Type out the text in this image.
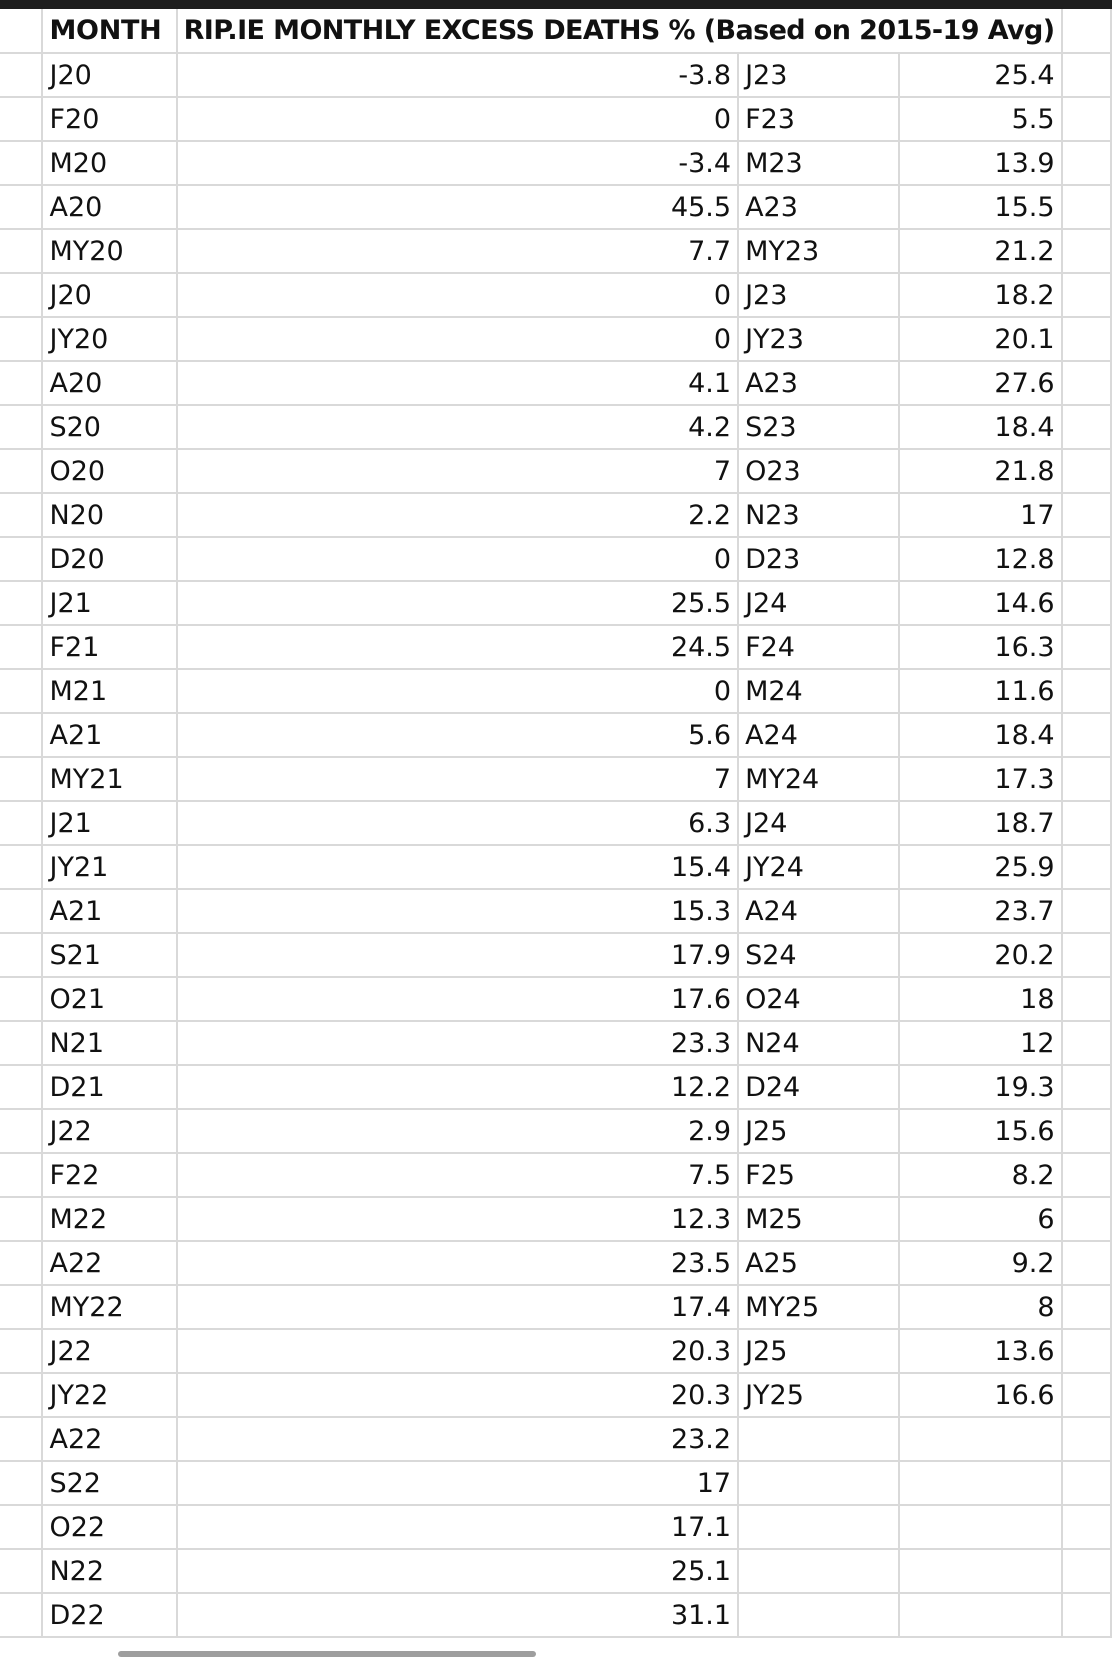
	MONTH	RIP.IE MONTHLY EXCESS DEATHS % (Based on 2015-19 Avg)			
	J20	-3.8	J23	25.4	
	F20	0	F23	5.5	
	M20	-3.4	M23	13.9	
	A20	45.5	A23	15.5	
	MY20	7.7	MY23	21.2	
	J20	0	J23	18.2	
	JY20	0	JY23	20.1	
	A20	4.1	A23	27.6	
	S20	4.2	S23	18.4	
	O20	7	O23	21.8	
	N20	2.2	N23	17	
	D20	0	D23	12.8	
	J21	25.5	J24	14.6	
	F21	24.5	F24	16.3	
	M21	0	M24	11.6	
	A21	5.6	A24	18.4	
	MY21	7	MY24	17.3	
	J21	6.3	J24	18.7	
	JY21	15.4	JY24	25.9	
	A21	15.3	A24	23.7	
	S21	17.9	S24	20.2	
	O21	17.6	O24	18	
	N21	23.3	N24	12	
	D21	12.2	D24	19.3	
	J22	2.9	J25	15.6	
	F22	7.5	F25	8.2	
	M22	12.3	M25	6	
	A22	23.5	A25	9.2	
	MY22	17.4	MY25	8	
	J22	20.3	J25	13.6	
	JY22	20.3	JY25	16.6	
	A22	23.2			
	S22	17			
	O22	17.1			
	N22	25.1			
	D22	31.1			
